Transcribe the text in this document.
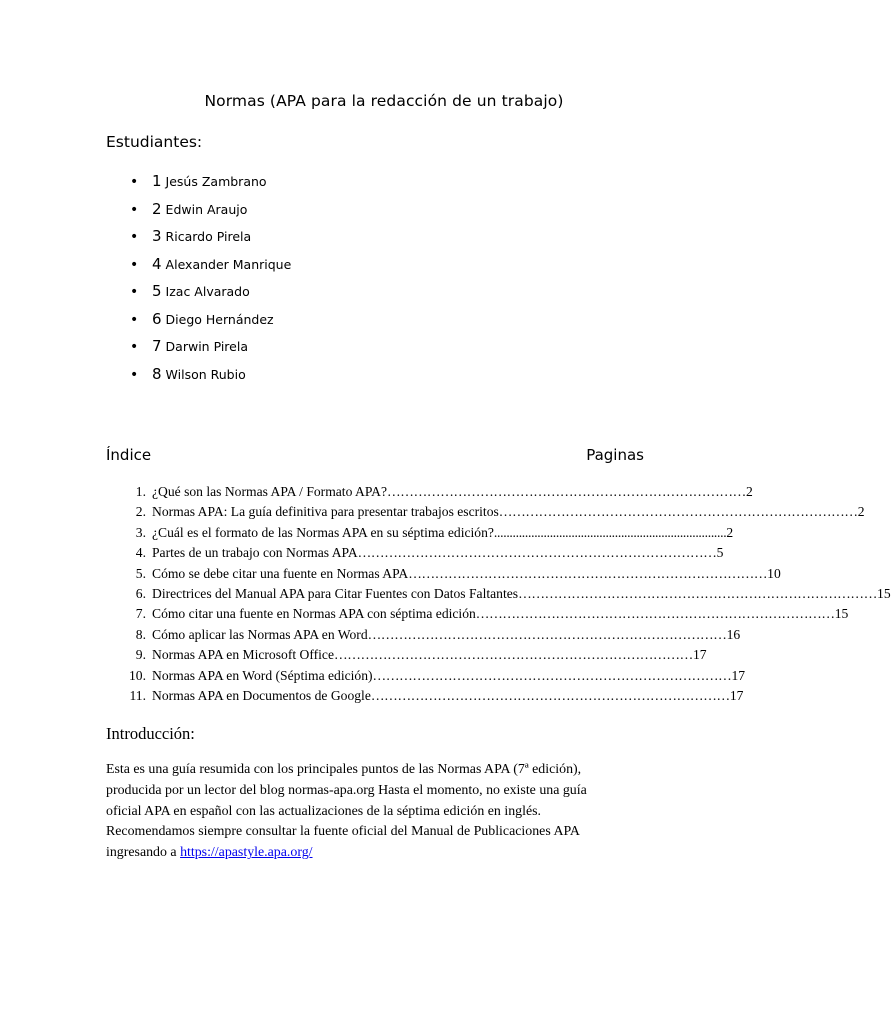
Normas (APA para la redacción de un trabajo)
Estudiantes:
• 1 Jesús Zambrano
• 2 Edwin Araujo
• 3 Ricardo Pirela
• 4 Alexander Manrique
• 5 Izac Alvarado
• 6 Diego Hernández
• 7 Darwin Pirela
• 8 Wilson Rubio
Índice	Paginas
1. ¿Qué son las Normas APA / Formato APA? ……………………………………………………………………… 2
2. Normas APA: La guía definitiva para presentar trabajos escritos ……………………………………………………………………… 2
3. ¿Cuál es el formato de las Normas APA en su séptima edición? ........................................................................... 2
4. Partes de un trabajo con Normas APA ……………………………………………………………………… 5
5. Cómo se debe citar una fuente en Normas APA ……………………………………………………………………… 10
6. Directrices del Manual APA para Citar Fuentes con Datos Faltantes ……………………………………………………………………… 15
7. Cómo citar una fuente en Normas APA con séptima edición ……………………………………………………………………… 15
8. Cómo aplicar las Normas APA en Word ……………………………………………………………………… 16
9. Normas APA en Microsoft Office ……………………………………………………………………… 17
10. Normas APA en Word (Séptima edición) ……………………………………………………………………… 17
11. Normas APA en Documentos de Google ……………………………………………………………………… 17
Introducción:

Esta es una guía resumida con los principales puntos de las Normas APA (7ª edición),
producida por un lector del blog normas-apa.org Hasta el momento, no existe una guía
oficial APA en español con las actualizaciones de la séptima edición en inglés.
Recomendamos siempre consultar la fuente oficial del Manual de Publicaciones APA
ingresando a https://apastyle.apa.org/
